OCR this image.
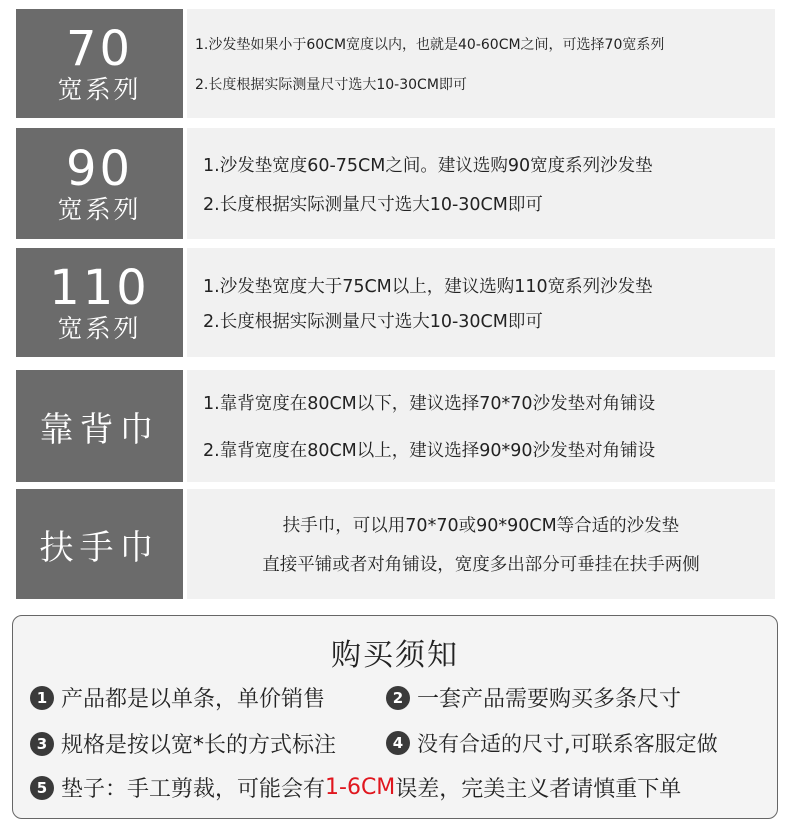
70
宽系列
1.沙发垫如果小于60CM宽度以内，也就是40-60CM之间，可选择70宽系列
2.长度根据实际测量尺寸选大10-30CM即可
90
宽系列
1.沙发垫宽度60-75CM之间。建议选购90宽度系列沙发垫
2.长度根据实际测量尺寸选大10-30CM即可
110
宽系列
1.沙发垫宽度大于75CM以上，建议选购110宽系列沙发垫
2.长度根据实际测量尺寸选大10-30CM即可
靠背巾
1.靠背宽度在80CM以下，建议选择70*70沙发垫对角铺设
2.靠背宽度在80CM以上，建议选择90*90沙发垫对角铺设
扶手巾
扶手巾，可以用70*70或90*90CM等合适的沙发垫
直接平铺或者对角铺设，宽度多出部分可垂挂在扶手两侧
购买须知
1 产品都是以单条，单价销售	2 一套产品需要购买多条尺寸
3 规格是按以宽*长的方式标注	4 没有合适的尺寸,可联系客服定做
5 垫子：手工剪裁，可能会有 1-6CM 误差，完美主义者请慎重下单
